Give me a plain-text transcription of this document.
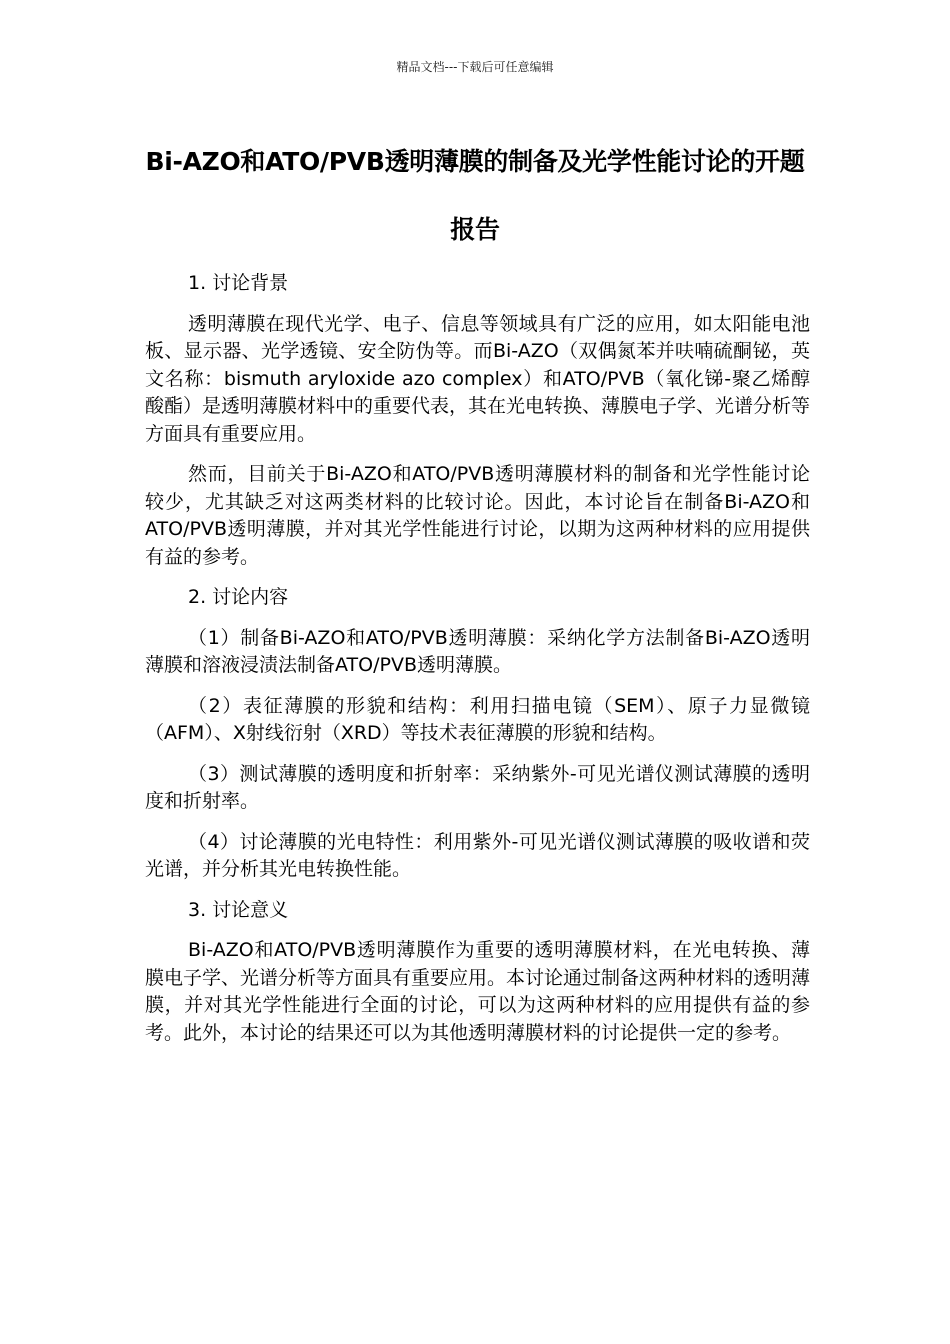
精品文档---下载后可任意编辑
Bi-AZO和ATO/PVB透明薄膜的制备及光学性能讨论的开题报告

1. 讨论背景

透明薄膜在现代光学、电子、信息等领域具有广泛的应用，如太阳能电池板、显示器、光学透镜、安全防伪等。而Bi-AZO（双偶氮苯并呋喃硫酮铋，英文名称：bismuth aryloxide azo complex）和ATO/PVB（氧化锑-聚乙烯醇酸酯）是透明薄膜材料中的重要代表，其在光电转换、薄膜电子学、光谱分析等方面具有重要应用。

然而，目前关于Bi-AZO和ATO/PVB透明薄膜材料的制备和光学性能讨论较少，尤其缺乏对这两类材料的比较讨论。因此，本讨论旨在制备Bi-AZO和ATO/PVB透明薄膜，并对其光学性能进行讨论，以期为这两种材料的应用提供有益的参考。

2. 讨论内容

（1）制备Bi-AZO和ATO/PVB透明薄膜：采纳化学方法制备Bi-AZO透明薄膜和溶液浸渍法制备ATO/PVB透明薄膜。

（2）表征薄膜的形貌和结构：利用扫描电镜（SEM）、原子力显微镜（AFM）、X射线衍射（XRD）等技术表征薄膜的形貌和结构。

（3）测试薄膜的透明度和折射率：采纳紫外-可见光谱仪测试薄膜的透明度和折射率。

（4）讨论薄膜的光电特性：利用紫外-可见光谱仪测试薄膜的吸收谱和荧光谱，并分析其光电转换性能。

3. 讨论意义

Bi-AZO和ATO/PVB透明薄膜作为重要的透明薄膜材料，在光电转换、薄膜电子学、光谱分析等方面具有重要应用。本讨论通过制备这两种材料的透明薄膜，并对其光学性能进行全面的讨论，可以为这两种材料的应用提供有益的参考。此外，本讨论的结果还可以为其他透明薄膜材料的讨论提供一定的参考。
